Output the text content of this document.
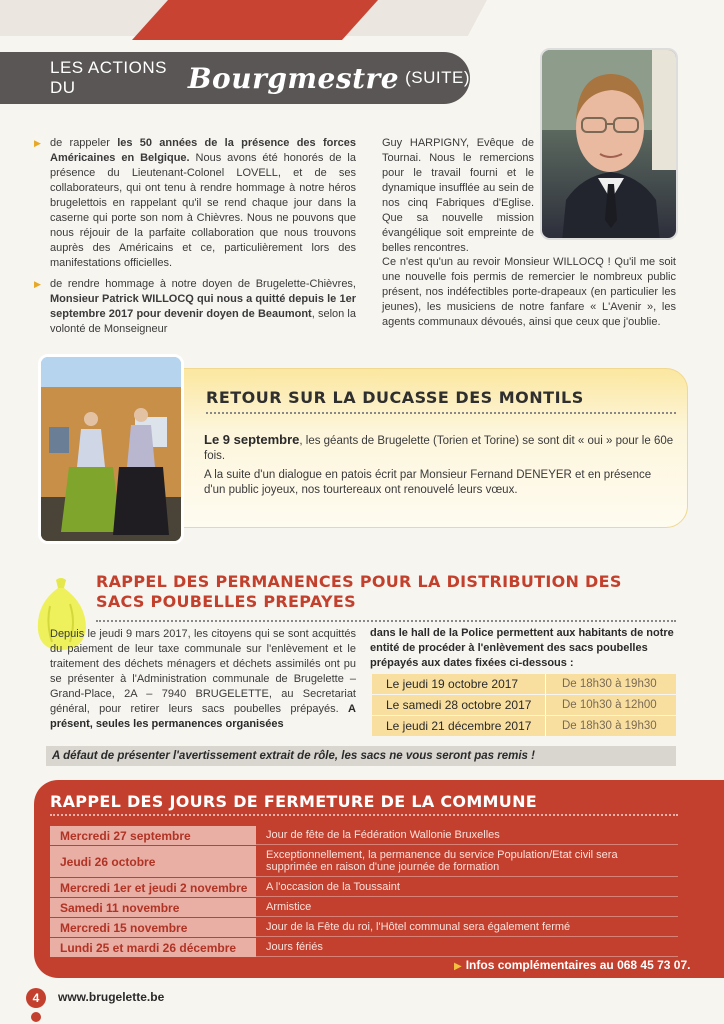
LES ACTIONS DU	Bourgmestre (SUITE)

▶ de rappeler les 50 années de la présence des forces Américaines en Belgique. Nous avons été honorés de la présence du Lieutenant-Colonel LOVELL, et de ses collaborateurs, qui ont tenu à rendre hommage à notre héros brugelettois en rappelant qu'il se rend chaque jour dans la caserne qui porte son nom à Chièvres. Nous ne pouvons que nous réjouir de la parfaite collaboration que nous trouvons auprès des Américains et ce, particulièrement lors des manifestations officielles.

▶ de rendre hommage à notre doyen de Brugelette-Chièvres, Monsieur Patrick WILLOCQ qui nous a quitté depuis le 1er septembre 2017 pour devenir doyen de Beaumont, selon la volonté de Monseigneur

Guy HARPIGNY, Evêque de Tournai. Nous le remercions pour le travail fourni et le dynamique insufflée au sein de nos cinq Fabriques d'Eglise. Que sa nouvelle mission évangélique soit empreinte de belles rencontres.
Ce n'est qu'un au revoir Monsieur WILLOCQ ! Qu'il me soit une nouvelle fois permis de remercier le nombreux public présent, nos indéfectibles porte-drapeaux (en particulier les jeunes), les musiciens de notre fanfare « L'Avenir », les agents communaux dévoués, ainsi que ceux que j'oublie.
RETOUR SUR LA DUCASSE DES MONTILS

Le 9 septembre, les géants de Brugelette (Torien et Torine) se sont dit « oui » pour le 60e fois.

A la suite d'un dialogue en patois écrit par Monsieur Fernand DENEYER et en présence d'un public joyeux, nos tourtereaux ont renouvelé leurs vœux.

RAPPEL DES PERMANENCES POUR LA DISTRIBUTION DES SACS POUBELLES PREPAYES
Depuis le jeudi 9 mars 2017, les citoyens qui se sont acquittés du paiement de leur taxe communale sur l'enlèvement et le traitement des déchets ménagers et déchets assimilés ont pu se présenter à l'Administration communale de Brugelette – Grand-Place, 2A – 7940 BRUGELETTE, au Secretariat général, pour retirer leurs sacs poubelles prépayés. A présent, seules les permanences organisées
dans le hall de la Police permettent aux habitants de notre entité de procéder à l'enlèvement des sacs poubelles prépayés aux dates fixées ci-dessous :
Le jeudi 19 octobre 2017	De 18h30 à 19h30
Le samedi 28 octobre 2017	De 10h30 à 12h00
Le jeudi 21 décembre 2017	De 18h30 à 19h30
A défaut de présenter l'avertissement extrait de rôle, les sacs ne vous seront pas remis !
RAPPEL DES JOURS DE FERMETURE DE LA COMMUNE
Mercredi 27 septembre	Jour de fête de la Fédération Wallonie Bruxelles
Jeudi 26 octobre	Exceptionnellement, la permanence du service Population/Etat civil sera supprimée en raison d'une journée de formation
Mercredi 1er et jeudi 2 novembre	A l'occasion de la Toussaint
Samedi 11 novembre	Armistice
Mercredi 15 novembre	Jour de la Fête du roi, l'Hôtel communal sera également fermé
Lundi 25 et mardi 26 décembre	Jours fériés
▶ Infos complémentaires au 068 45 73 07.
4	www.brugelette.be
